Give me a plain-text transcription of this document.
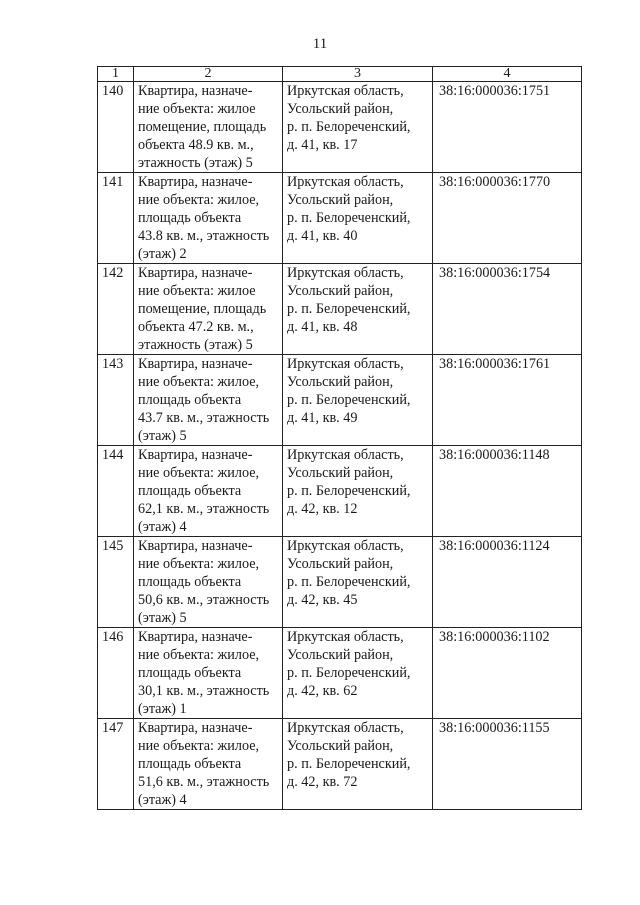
11
1	2	3	4
140	Квартира, назначе-
ние объекта: жилое
помещение, площадь
объекта 48.9 кв. м.,
этажность (этаж) 5	Иркутская область,
Усольский район,
р. п. Белореченский,
д. 41, кв. 17	38:16:000036:1751
141	Квартира, назначе-
ние объекта: жилое,
площадь объекта
43.8 кв. м., этажность
(этаж) 2	Иркутская область,
Усольский район,
р. п. Белореченский,
д. 41, кв. 40	38:16:000036:1770
142	Квартира, назначе-
ние объекта: жилое
помещение, площадь
объекта 47.2 кв. м.,
этажность (этаж) 5	Иркутская область,
Усольский район,
р. п. Белореченский,
д. 41, кв. 48	38:16:000036:1754
143	Квартира, назначе-
ние объекта: жилое,
площадь объекта
43.7 кв. м., этажность
(этаж) 5	Иркутская область,
Усольский район,
р. п. Белореченский,
д. 41, кв. 49	38:16:000036:1761
144	Квартира, назначе-
ние объекта: жилое,
площадь объекта
62,1 кв. м., этажность
(этаж) 4	Иркутская область,
Усольский район,
р. п. Белореченский,
д. 42, кв. 12	38:16:000036:1148
145	Квартира, назначе-
ние объекта: жилое,
площадь объекта
50,6 кв. м., этажность
(этаж) 5	Иркутская область,
Усольский район,
р. п. Белореченский,
д. 42, кв. 45	38:16:000036:1124
146	Квартира, назначе-
ние объекта: жилое,
площадь объекта
30,1 кв. м., этажность
(этаж) 1	Иркутская область,
Усольский район,
р. п. Белореченский,
д. 42, кв. 62	38:16:000036:1102
147	Квартира, назначе-
ние объекта: жилое,
площадь объекта
51,6 кв. м., этажность
(этаж) 4	Иркутская область,
Усольский район,
р. п. Белореченский,
д. 42, кв. 72	38:16:000036:1155
